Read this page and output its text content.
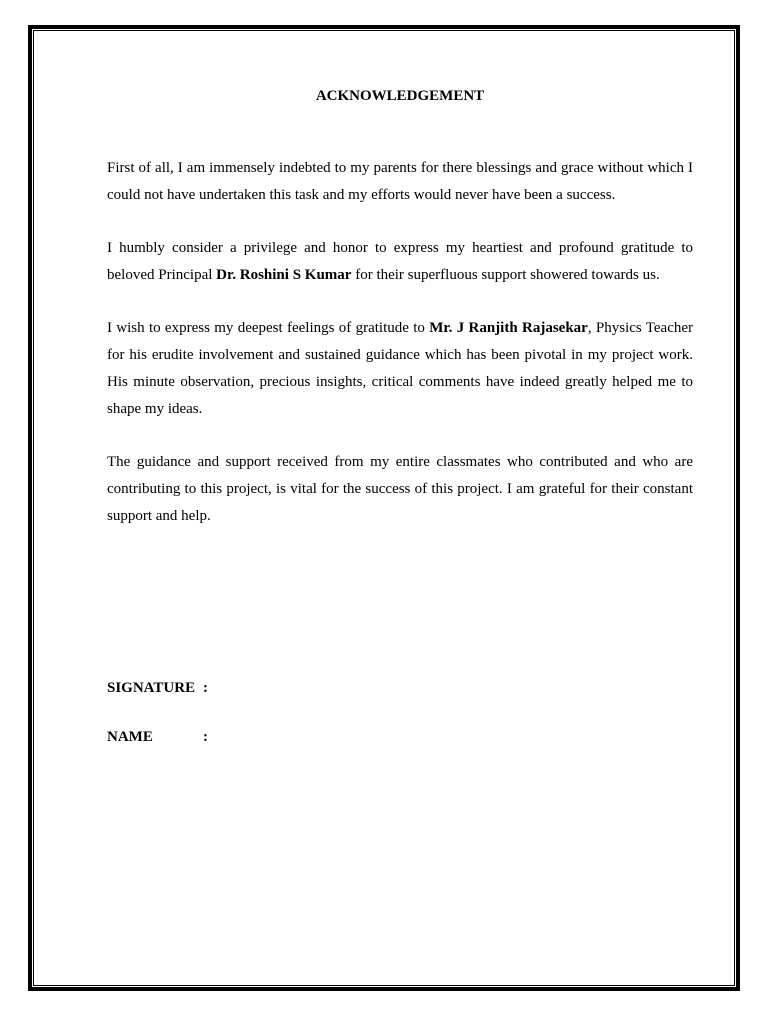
ACKNOWLEDGEMENT

First of all, I am immensely indebted to my parents for there blessings and grace without which I could not have undertaken this task and my efforts would never have been a success.

I humbly consider a privilege and honor to express my heartiest and profound gratitude to beloved Principal Dr. Roshini S Kumar for their superfluous support showered towards us.

I wish to express my deepest feelings of gratitude to Mr. J Ranjith Rajasekar, Physics Teacher for his erudite involvement and sustained guidance which has been pivotal in my project work. His minute observation, precious insights, critical comments have indeed greatly helped me to shape my ideas.

The guidance and support received from my entire classmates who contributed and who are contributing to this project, is vital for the success of this project. I am grateful for their constant support and help.

SIGNATURE :
NAME	:
